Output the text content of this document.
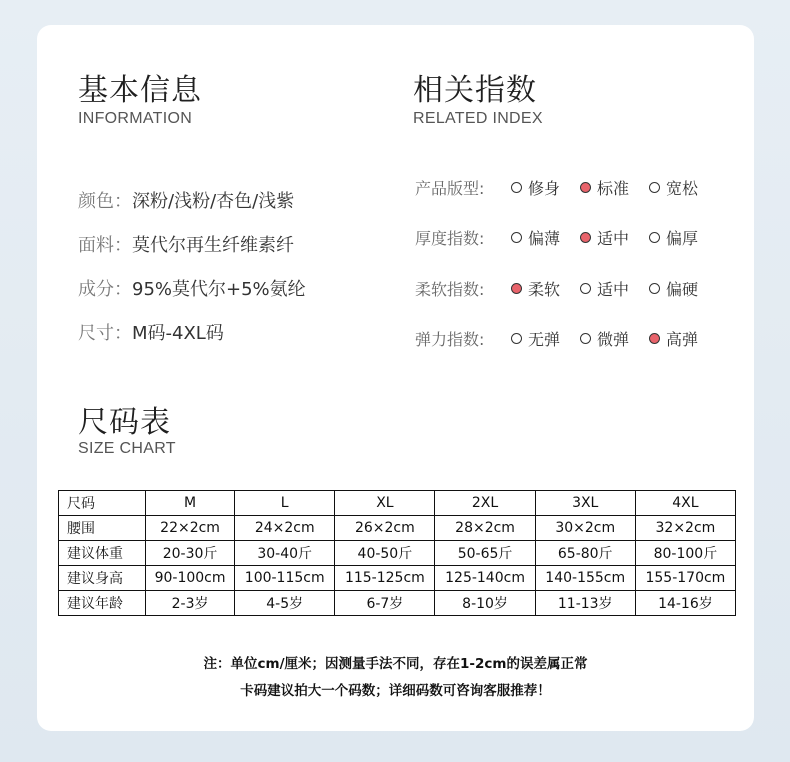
基本信息
INFORMATION
颜色：深粉/浅粉/杏色/浅紫
面料：莫代尔再生纤维素纤
成分：95%莫代尔+5%氨纶
尺寸：M码-4XL码
相关指数
RELATED INDEX
产品版型:	修身 标准 宽松
厚度指数:	偏薄 适中 偏厚
柔软指数:	柔软 适中 偏硬
弹力指数:	无弹 微弹 高弹
尺码表
SIZE CHART
尺码	M	L	XL	2XL	3XL	4XL
腰围	22×2cm	24×2cm	26×2cm	28×2cm	30×2cm	32×2cm
建议体重	20-30斤	30-40斤	40-50斤	50-65斤	65-80斤	80-100斤
建议身高	90-100cm	100-115cm	115-125cm	125-140cm	140-155cm	155-170cm
建议年龄	2-3岁	4-5岁	6-7岁	8-10岁	11-13岁	14-16岁
注：单位cm/厘米；因测量手法不同，存在1-2cm的误差属正常
卡码建议拍大一个码数；详细码数可咨询客服推荐！
